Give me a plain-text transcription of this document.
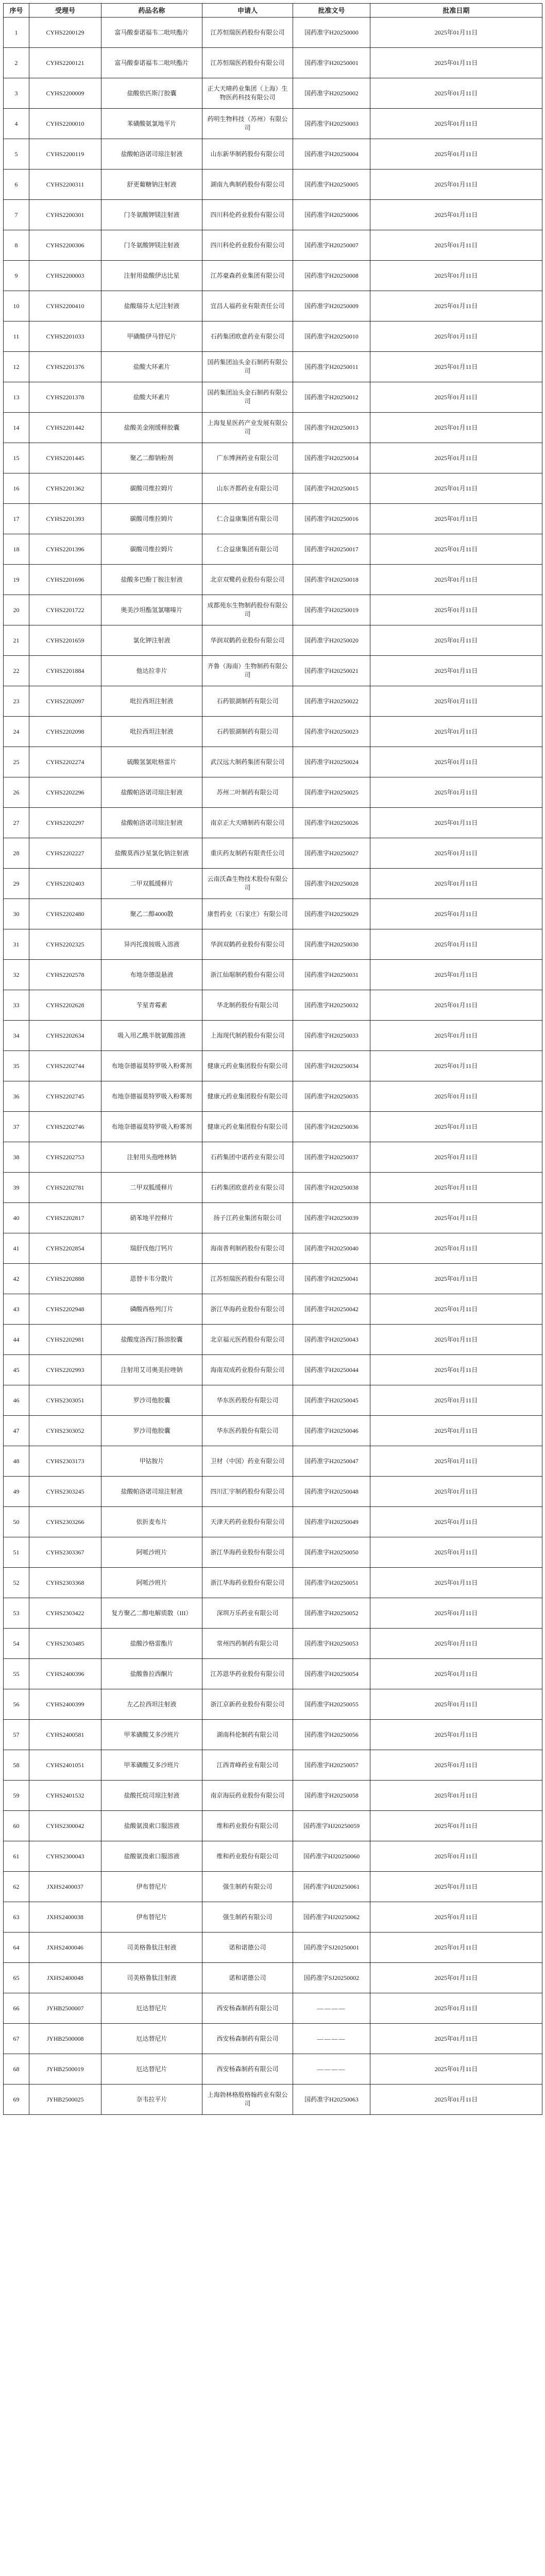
序号	受理号	药品名称	申请人	批准文号	批准日期
1	CYHS2200129	富马酸泰诺福韦二吡呋酯片	江苏恒瑞医药股份有限公司	国药准字H20250000	2025年01月11日
2	CYHS2200121	富马酸泰诺福韦二吡呋酯片	江苏恒瑞医药股份有限公司	国药准字H20250001	2025年01月11日
3	CYHS2200009	盐酸依匹斯汀胶囊	正大天晴药业集团（上海）生物医药科技有限公司	国药准字H20250002	2025年01月11日
4	CYHS2200010	苯磺酸氨氯地平片	药明生物科技（苏州）有限公司	国药准字H20250003	2025年01月11日
5	CYHS2200119	盐酸帕洛诺司琼注射液	山东新华制药股份有限公司	国药准字H20250004	2025年01月11日
6	CYHS2200311	舒更葡糖钠注射液	湖南九典制药股份有限公司	国药准字H20250005	2025年01月11日
7	CYHS2200301	门冬氨酸钾镁注射液	四川科伦药业股份有限公司	国药准字H20250006	2025年01月11日
8	CYHS2200306	门冬氨酸钾镁注射液	四川科伦药业股份有限公司	国药准字H20250007	2025年01月11日
9	CYHS2200003	注射用盐酸伊达比星	江苏豪森药业集团有限公司	国药准字H20250008	2025年01月11日
10	CYHS2200410	盐酸瑞芬太尼注射液	宜昌人福药业有限责任公司	国药准字H20250009	2025年01月11日
11	CYHS2201033	甲磺酸伊马替尼片	石药集团欧意药业有限公司	国药准字H20250010	2025年01月11日
12	CYHS2201376	盐酸大环素片	国药集团汕头金石制药有限公司	国药准字H20250011	2025年01月11日
13	CYHS2201378	盐酸大环素片	国药集团汕头金石制药有限公司	国药准字H20250012	2025年01月11日
14	CYHS2201442	盐酸美金刚缓释胶囊	上海复星医药产业发展有限公司	国药准字H20250013	2025年01月11日
15	CYHS2201445	聚乙二醇钠粉剂	广东博洲药业有限公司	国药准字H20250014	2025年01月11日
16	CYHS2201362	碳酸司维拉姆片	山东齐都药业有限公司	国药准字H20250015	2025年01月11日
17	CYHS2201393	碳酸司维拉姆片	仁合益康集团有限公司	国药准字H20250016	2025年01月11日
18	CYHS2201396	碳酸司维拉姆片	仁合益康集团有限公司	国药准字H20250017	2025年01月11日
19	CYHS2201696	盐酸多巴酚丁胺注射液	北京双鹭药业股份有限公司	国药准字H20250018	2025年01月11日
20	CYHS2201722	奥美沙坦酯氢氯噻嗪片	成都苑东生物制药股份有限公司	国药准字H20250019	2025年01月11日
21	CYHS2201659	氯化钾注射液	华润双鹤药业股份有限公司	国药准字H20250020	2025年01月11日
22	CYHS2201884	他达拉非片	齐鲁（海南）生物制药有限公司	国药准字H20250021	2025年01月11日
23	CYHS2202097	吡拉西坦注射液	石药银湖制药有限公司	国药准字H20250022	2025年01月11日
24	CYHS2202098	吡拉西坦注射液	石药银湖制药有限公司	国药准字H20250023	2025年01月11日
25	CYHS2202274	硫酸氢氯吡格雷片	武汉远大制药集团有限公司	国药准字H20250024	2025年01月11日
26	CYHS2202296	盐酸帕洛诺司琼注射液	苏州二叶制药有限公司	国药准字H20250025	2025年01月11日
27	CYHS2202297	盐酸帕洛诺司琼注射液	南京正大天晴制药有限公司	国药准字H20250026	2025年01月11日
28	CYHS2202227	盐酸莫西沙星氯化钠注射液	重庆药友制药有限责任公司	国药准字H20250027	2025年01月11日
29	CYHS2202403	二甲双胍缓释片	云南沃森生物技术股份有限公司	国药准字H20250028	2025年01月11日
30	CYHS2202480	聚乙二醇4000散	康哲药业（石家庄）有限公司	国药准字H20250029	2025年01月11日
31	CYHS2202325	异丙托溴铵吸入溶液	华润双鹤药业股份有限公司	国药准字H20250030	2025年01月11日
32	CYHS2202578	布地奈德混悬液	浙江仙琚制药股份有限公司	国药准字H20250031	2025年01月11日
33	CYHS2202628	苄星青霉素	华北制药股份有限公司	国药准字H20250032	2025年01月11日
34	CYHS2202634	吸入用乙酰半胱氨酸溶液	上海现代制药股份有限公司	国药准字H20250033	2025年01月11日
35	CYHS2202744	布地奈德福莫特罗吸入粉雾剂	健康元药业集团股份有限公司	国药准字H20250034	2025年01月11日
36	CYHS2202745	布地奈德福莫特罗吸入粉雾剂	健康元药业集团股份有限公司	国药准字H20250035	2025年01月11日
37	CYHS2202746	布地奈德福莫特罗吸入粉雾剂	健康元药业集团股份有限公司	国药准字H20250036	2025年01月11日
38	CYHS2202753	注射用头孢唑林钠	石药集团中诺药业有限公司	国药准字H20250037	2025年01月11日
39	CYHS2202781	二甲双胍缓释片	石药集团欧意药业有限公司	国药准字H20250038	2025年01月11日
40	CYHS2202817	硝苯地平控释片	扬子江药业集团有限公司	国药准字H20250039	2025年01月11日
41	CYHS2202854	瑞舒伐他汀钙片	海南普利制药股份有限公司	国药准字H20250040	2025年01月11日
42	CYHS2202888	恩替卡韦分散片	江苏恒瑞医药股份有限公司	国药准字H20250041	2025年01月11日
43	CYHS2202948	磷酸西格列汀片	浙江华海药业股份有限公司	国药准字H20250042	2025年01月11日
44	CYHS2202981	盐酸度洛西汀肠溶胶囊	北京福元医药股份有限公司	国药准字H20250043	2025年01月11日
45	CYHS2202993	注射用艾司奥美拉唑钠	海南双成药业股份有限公司	国药准字H20250044	2025年01月11日
46	CYHS2303051	罗沙司他胶囊	华东医药股份有限公司	国药准字H20250045	2025年01月11日
47	CYHS2303052	罗沙司他胶囊	华东医药股份有限公司	国药准字H20250046	2025年01月11日
48	CYHS2303173	甲钴胺片	卫材（中国）药业有限公司	国药准字H20250047	2025年01月11日
49	CYHS2303245	盐酸帕洛诺司琼注射液	四川汇宇制药股份有限公司	国药准字H20250048	2025年01月11日
50	CYHS2303266	依折麦布片	天津天药药业股份有限公司	国药准字H20250049	2025年01月11日
51	CYHS2303367	阿哌沙班片	浙江华海药业股份有限公司	国药准字H20250050	2025年01月11日
52	CYHS2303368	阿哌沙班片	浙江华海药业股份有限公司	国药准字H20250051	2025年01月11日
53	CYHS2303422	复方聚乙二醇电解质散（III）	深圳万乐药业有限公司	国药准字H20250052	2025年01月11日
54	CYHS2303485	盐酸沙格雷酯片	常州四药制药有限公司	国药准字H20250053	2025年01月11日
55	CYHS2400396	盐酸鲁拉西酮片	江苏恩华药业股份有限公司	国药准字H20250054	2025年01月11日
56	CYHS2400399	左乙拉西坦注射液	浙江京新药业股份有限公司	国药准字H20250055	2025年01月11日
57	CYHS2400581	甲苯磺酸艾多沙班片	湖南科伦制药有限公司	国药准字H20250056	2025年01月11日
58	CYHS2401051	甲苯磺酸艾多沙班片	江西青峰药业有限公司	国药准字H20250057	2025年01月11日
59	CYHS2401532	盐酸托烷司琼注射液	南京海辰药业股份有限公司	国药准字H20250058	2025年01月11日
60	CYHS2300042	盐酸氨溴索口服溶液	维和药业股份有限公司	国药准字HJ20250059	2025年01月11日
61	CYHS2300043	盐酸氨溴索口服溶液	维和药业股份有限公司	国药准字HJ20250060	2025年01月11日
62	JXHS2400037	伊布替尼片	强生制药有限公司	国药准字HJ20250061	2025年01月11日
63	JXHS2400038	伊布替尼片	强生制药有限公司	国药准字HJ20250062	2025年01月11日
64	JXHS2400046	司美格鲁肽注射液	诺和诺德公司	国药准字SJ20250001	2025年01月11日
65	JXHS2400048	司美格鲁肽注射液	诺和诺德公司	国药准字SJ20250002	2025年01月11日
66	JYHB2500007	厄达替尼片	西安杨森制药有限公司	————	2025年01月11日
67	JYHB2500008	厄达替尼片	西安杨森制药有限公司	————	2025年01月11日
68	JYHB2500019	厄达替尼片	西安杨森制药有限公司	————	2025年01月11日
69	JYHB2500025	奈韦拉平片	上海勃林格殷格翰药业有限公司	国药准字H20250063	2025年01月11日
